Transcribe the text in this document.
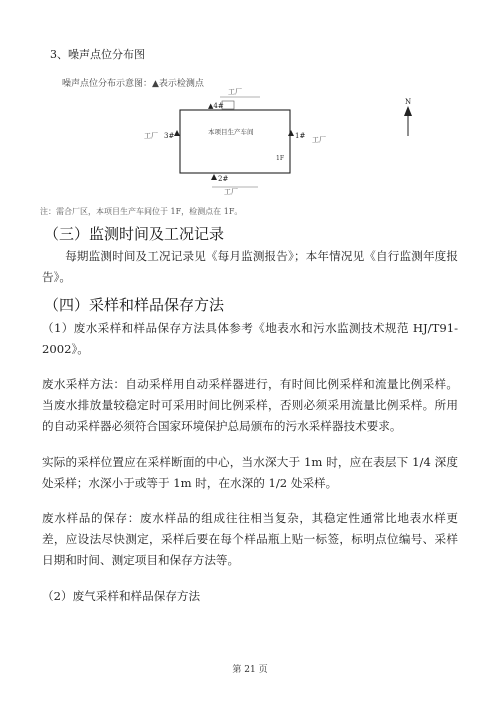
3、噪声点位分布图
噪声点位分布示意图：▲表示检测点
工厂
工厂	工厂
工厂
▲4#
本项目生产车间
3#	1#
1F
2#
N
注：需合厂区，本项目生产车间位于 1F，检测点在 1F。
（三）监测时间及工况记录
每期监测时间及工况记录见《每月监测报告》；本年情况见《自行监测年度报告》。
（四）采样和样品保存方法
（1）废水采样和样品保存方法具体参考《地表水和污水监测技术规范 HJ/T91-2002》。
废水采样方法：自动采样用自动采样器进行，有时间比例采样和流量比例采样。当废水排放量较稳定时可采用时间比例采样，否则必须采用流量比例采样。所用的自动采样器必须符合国家环境保护总局颁布的污水采样器技术要求。
实际的采样位置应在采样断面的中心，当水深大于 1m 时，应在表层下 1/4 深度处采样；水深小于或等于 1m 时，在水深的 1/2 处采样。
废水样品的保存：废水样品的组成往往相当复杂，其稳定性通常比地表水样更差，应设法尽快测定，采样后要在每个样品瓶上贴一标签，标明点位编号、采样日期和时间、测定项目和保存方法等。
（2）废气采样和样品保存方法
第 21 页
